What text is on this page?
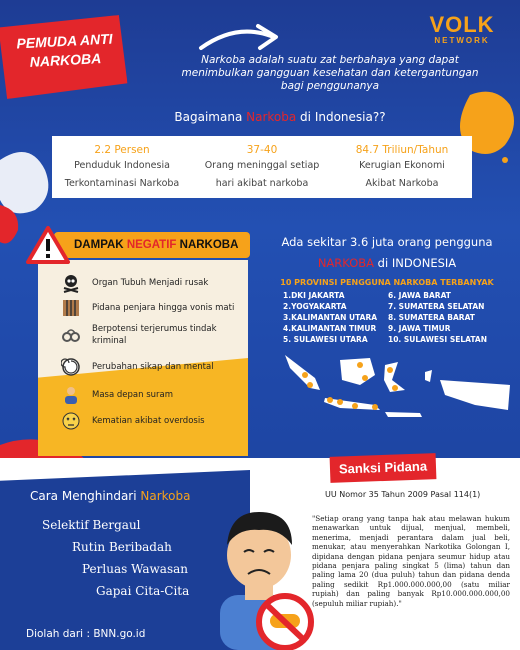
PEMUDA ANTI
NARKOBA
VOLK
NETWORK
Narkoba adalah suatu zat berbahaya yang dapat menimbulkan gangguan kesehatan dan ketergantungan bagi penggunanya
Bagaimana Narkoba di Indonesia??
2.2 Persen
Penduduk Indonesia
Terkontaminasi Narkoba
37-40
Orang meninggal setiap
hari akibat narkoba
84.7 Triliun/Tahun
Kerugian Ekonomi
Akibat Narkoba
DAMPAK NEGATIF NARKOBA
Organ Tubuh Menjadi rusak
Pidana penjara hingga vonis mati
Berpotensi terjerumus tindak kriminal
Perubahan sikap dan mental
Masa depan suram
Kematian akibat overdosis
Ada sekitar 3.6 juta orang pengguna
NARKOBA di INDONESIA
10 PROVINSI PENGGUNA NARKOBA TERBANYAK
1.DKI JAKARTA	6. JAWA BARAT
2.YOGYAKARTA	7. SUMATERA SELATAN
3.KALIMANTAN UTARA	8. SUMATERA BARAT
4.KALIMANTAN TIMUR	9. JAWA TIMUR
5. SULAWESI UTARA	10. SULAWESI SELATAN
Sanksi Pidana
UU Nomor 35 Tahun 2009 Pasal 114(1)
"Setiap orang yang tanpa hak atau melawan hukum menawarkan untuk dijual, menjual, membeli, menerima, menjadi perantara dalam jual beli, menukar, atau menyerahkan Narkotika Golongan I, dipidana dengan pidana penjara seumur hidup atau pidana penjara paling singkat 5 (lima) tahun dan paling lama 20 (dua puluh) tahun dan pidana denda paling sedikit Rp1.000.000.000,00 (satu miliar rupiah) dan paling banyak Rp10.000.000.000,00 (sepuluh miliar rupiah)."
Cara Menghindari Narkoba
Selektif Bergaul
Rutin Beribadah
Perluas Wawasan
Gapai Cita-Cita
Diolah dari : BNN.go.id
